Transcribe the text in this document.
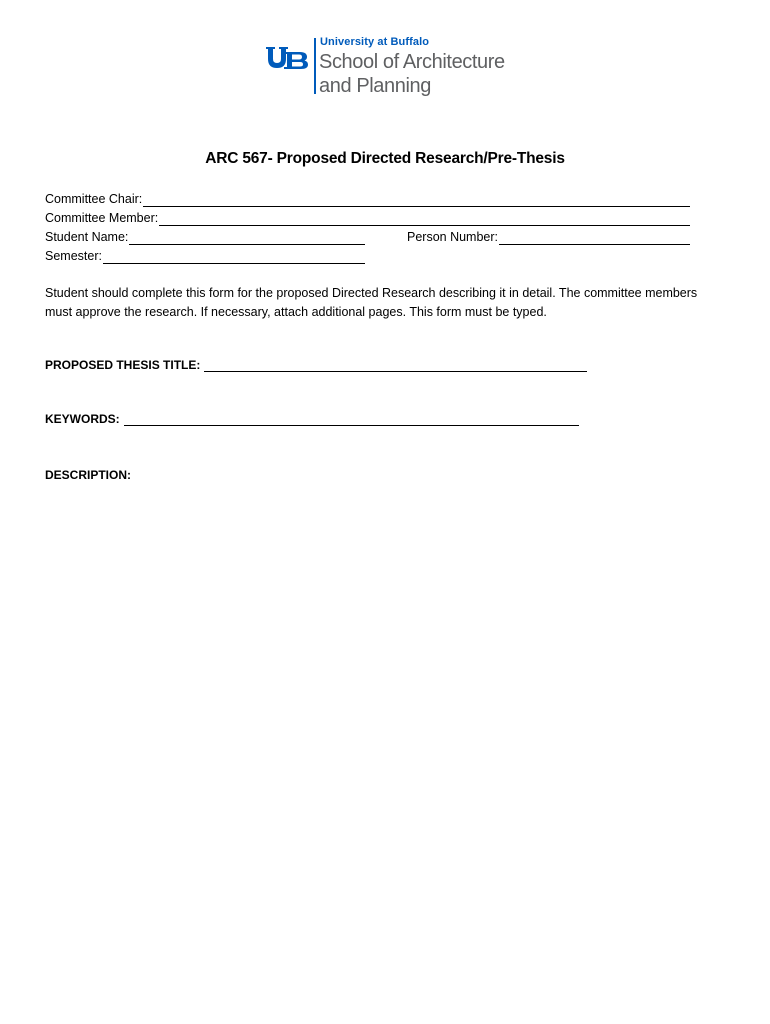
University at Buffalo
School of Architecture
and Planning
ARC 567- Proposed Directed Research/Pre-Thesis
Committee Chair:
Committee Member:
Student Name:	Person Number:
Semester:
Student should complete this form for the proposed Directed Research describing it in detail. The committee members must approve the research. If necessary, attach additional pages. This form must be typed.
PROPOSED THESIS TITLE:
KEYWORDS:
DESCRIPTION:
